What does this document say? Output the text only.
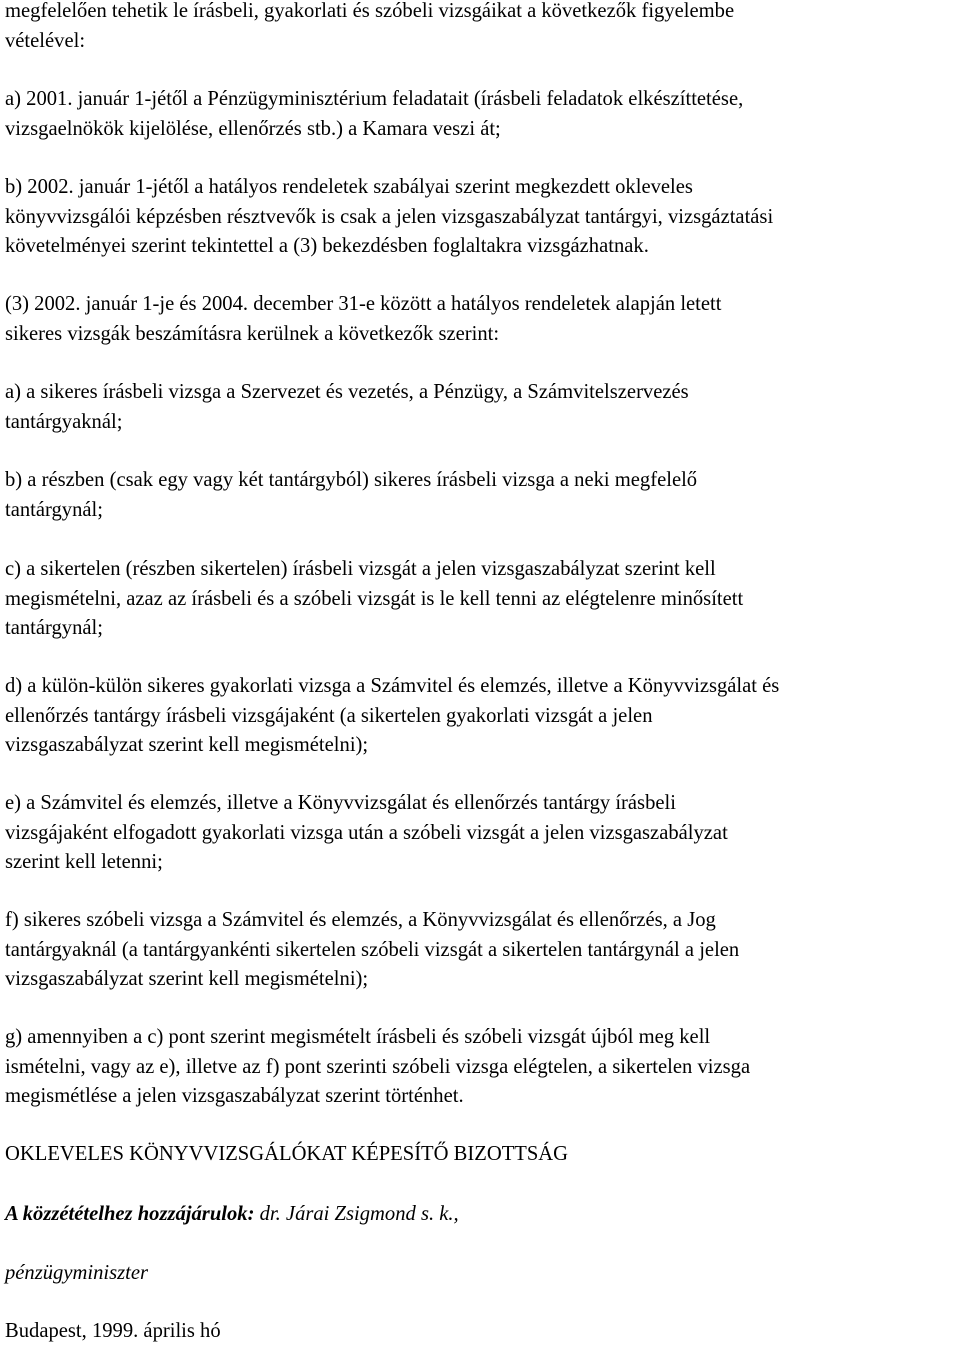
megfelelően tehetik le írásbeli, gyakorlati és szóbeli vizsgáikat a következők figyelembe
vételével:
a) 2001. január 1-jétől a Pénzügyminisztérium feladatait (írásbeli feladatok elkészíttetése,
vizsgaelnökök kijelölése, ellenőrzés stb.) a Kamara veszi át;
b) 2002. január 1-jétől a hatályos rendeletek szabályai szerint megkezdett okleveles
könyvvizsgálói képzésben résztvevők is csak a jelen vizsgaszabályzat tantárgyi, vizsgáztatási
követelményei szerint tekintettel a (3) bekezdésben foglaltakra vizsgázhatnak.
(3) 2002. január 1-je és 2004. december 31-e között a hatályos rendeletek alapján letett
sikeres vizsgák beszámításra kerülnek a következők szerint:
a) a sikeres írásbeli vizsga a Szervezet és vezetés, a Pénzügy, a Számvitelszervezés
tantárgyaknál;
b) a részben (csak egy vagy két tantárgyból) sikeres írásbeli vizsga a neki megfelelő
tantárgynál;
c) a sikertelen (részben sikertelen) írásbeli vizsgát a jelen vizsgaszabályzat szerint kell
megismételni, azaz az írásbeli és a szóbeli vizsgát is le kell tenni az elégtelenre minősített
tantárgynál;
d) a külön-külön sikeres gyakorlati vizsga a Számvitel és elemzés, illetve a Könyvvizsgálat és
ellenőrzés tantárgy írásbeli vizsgájaként (a sikertelen gyakorlati vizsgát a jelen
vizsgaszabályzat szerint kell megismételni);
e) a Számvitel és elemzés, illetve a Könyvvizsgálat és ellenőrzés tantárgy írásbeli
vizsgájaként elfogadott gyakorlati vizsga után a szóbeli vizsgát a jelen vizsgaszabályzat
szerint kell letenni;
f) sikeres szóbeli vizsga a Számvitel és elemzés, a Könyvvizsgálat és ellenőrzés, a Jog
tantárgyaknál (a tantárgyankénti sikertelen szóbeli vizsgát a sikertelen tantárgynál a jelen
vizsgaszabályzat szerint kell megismételni);
g) amennyiben a c) pont szerint megismételt írásbeli és szóbeli vizsgát újból meg kell
ismételni, vagy az e), illetve az f) pont szerinti szóbeli vizsga elégtelen, a sikertelen vizsga
megismétlése a jelen vizsgaszabályzat szerint történhet.
OKLEVELES KÖNYVVIZSGÁLÓKAT KÉPESÍTŐ BIZOTTSÁG
A közzétételhez hozzájárulok: dr. Járai Zsigmond s. k.,
pénzügyminiszter
Budapest, 1999. április hó
